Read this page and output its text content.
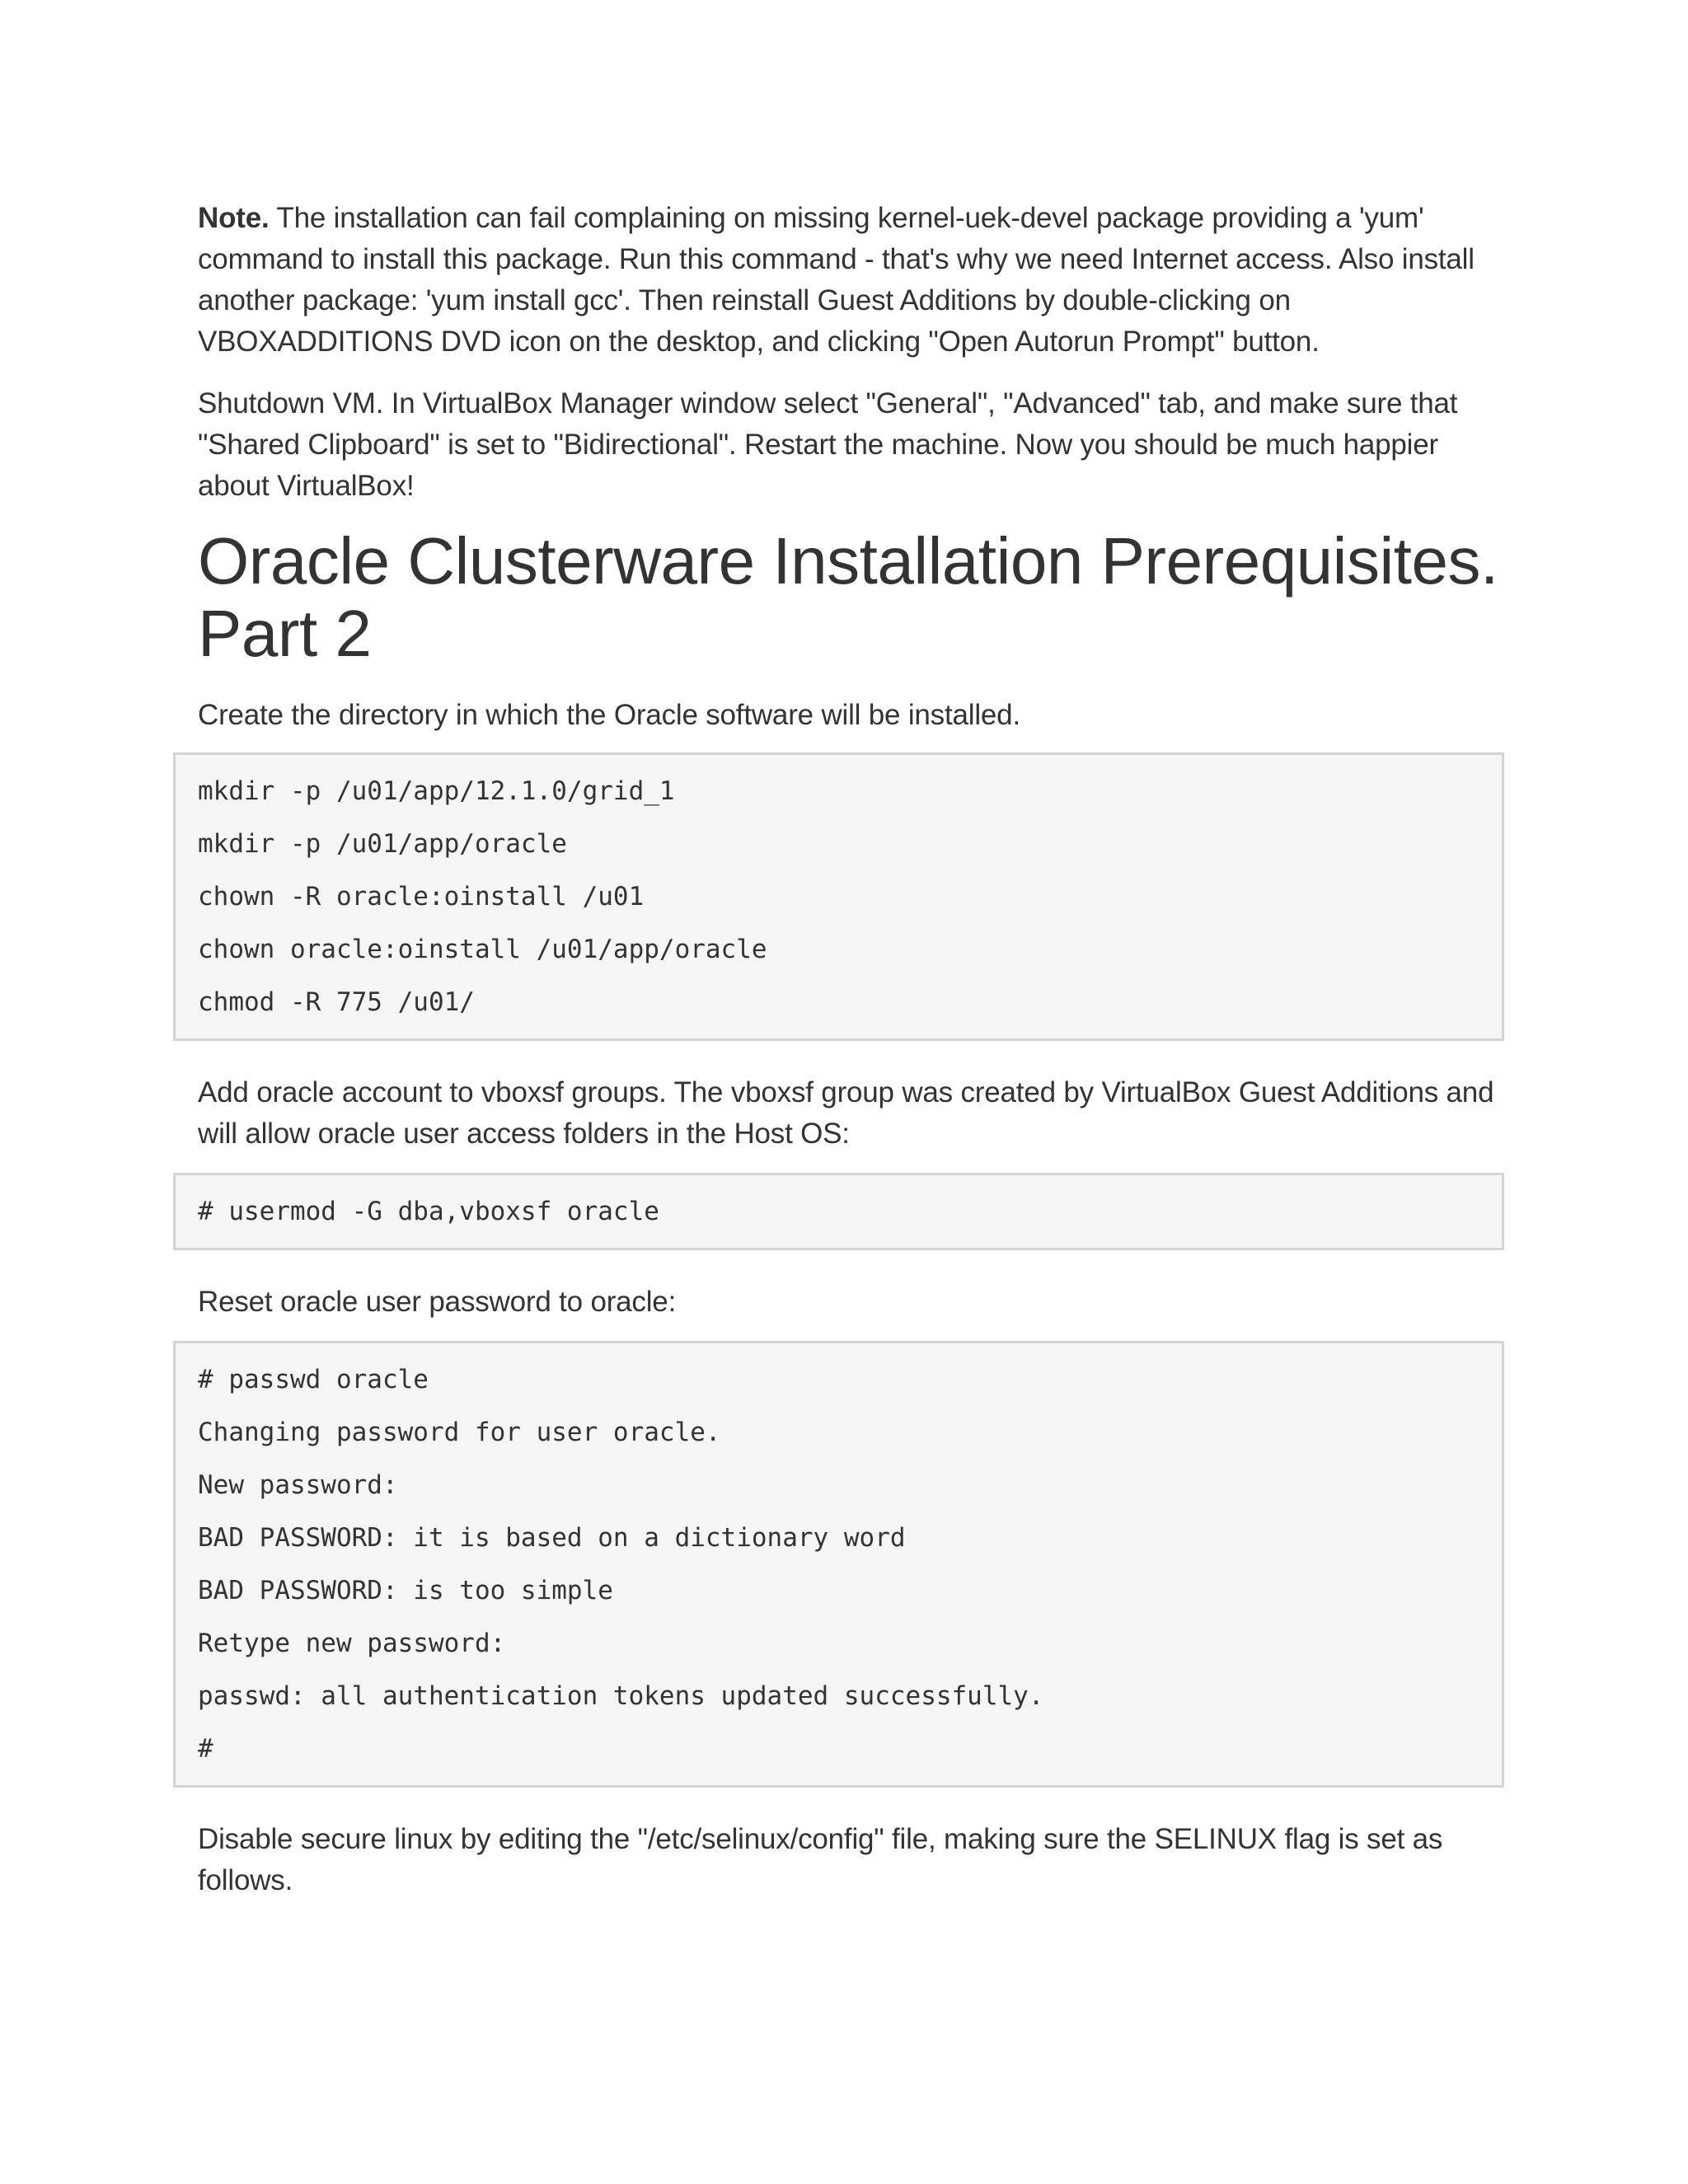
Note. The installation can fail complaining on missing kernel-uek-devel package providing a 'yum' command to install this package. Run this command - that's why we need Internet access. Also install another package: 'yum install gcc'. Then reinstall Guest Additions by double-clicking on VBOXADDITIONS DVD icon on the desktop, and clicking "Open Autorun Prompt" button.

Shutdown VM. In VirtualBox Manager window select "General", "Advanced" tab, and make sure that "Shared Clipboard" is set to "Bidirectional". Restart the machine. Now you should be much happier about VirtualBox!

Oracle Clusterware Installation Prerequisites. Part 2

Create the directory in which the Oracle software will be installed.

mkdir -p /u01/app/12.1.0/grid_1
mkdir -p /u01/app/oracle
chown -R oracle:oinstall /u01
chown oracle:oinstall /u01/app/oracle
chmod -R 775 /u01/

Add oracle account to vboxsf groups. The vboxsf group was created by VirtualBox Guest Additions and will allow oracle user access folders in the Host OS:

# usermod -G dba,vboxsf oracle

Reset oracle user password to oracle:

# passwd oracle
Changing password for user oracle.
New password:
BAD PASSWORD: it is based on a dictionary word
BAD PASSWORD: is too simple
Retype new password:
passwd: all authentication tokens updated successfully.
#

Disable secure linux by editing the "/etc/selinux/config" file, making sure the SELINUX flag is set as follows.
